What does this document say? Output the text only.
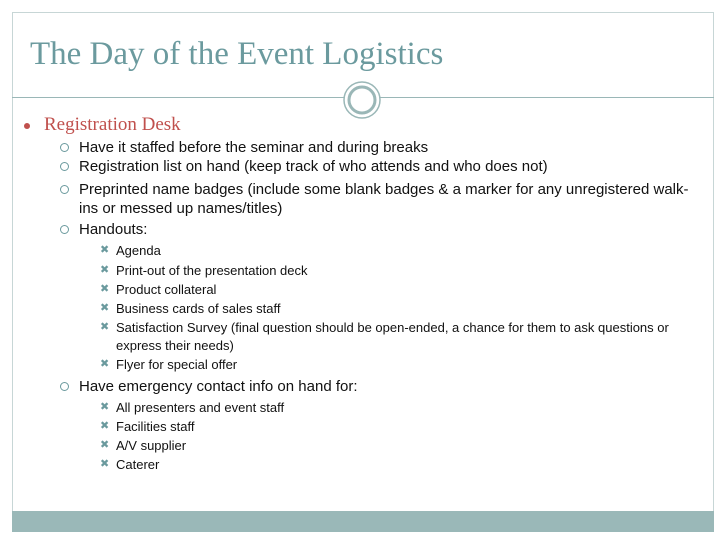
The Day of the Event Logistics
Registration Desk
Have it staffed before the seminar and during breaks
Registration list on hand (keep track of who attends and who does not)
Preprinted name badges (include some blank badges & a marker for any unregistered walk-
ins or messed up names/titles)
Handouts:
✖ Agenda
✖ Print-out of the presentation deck
✖ Product collateral
✖ Business cards of sales staff
✖ Satisfaction Survey (final question should be open-ended, a chance for them to ask questions or
express their needs)
✖ Flyer for special offer
Have emergency contact info on hand for:
✖ All presenters and event staff
✖ Facilities staff
✖ A/V supplier
✖ Caterer
